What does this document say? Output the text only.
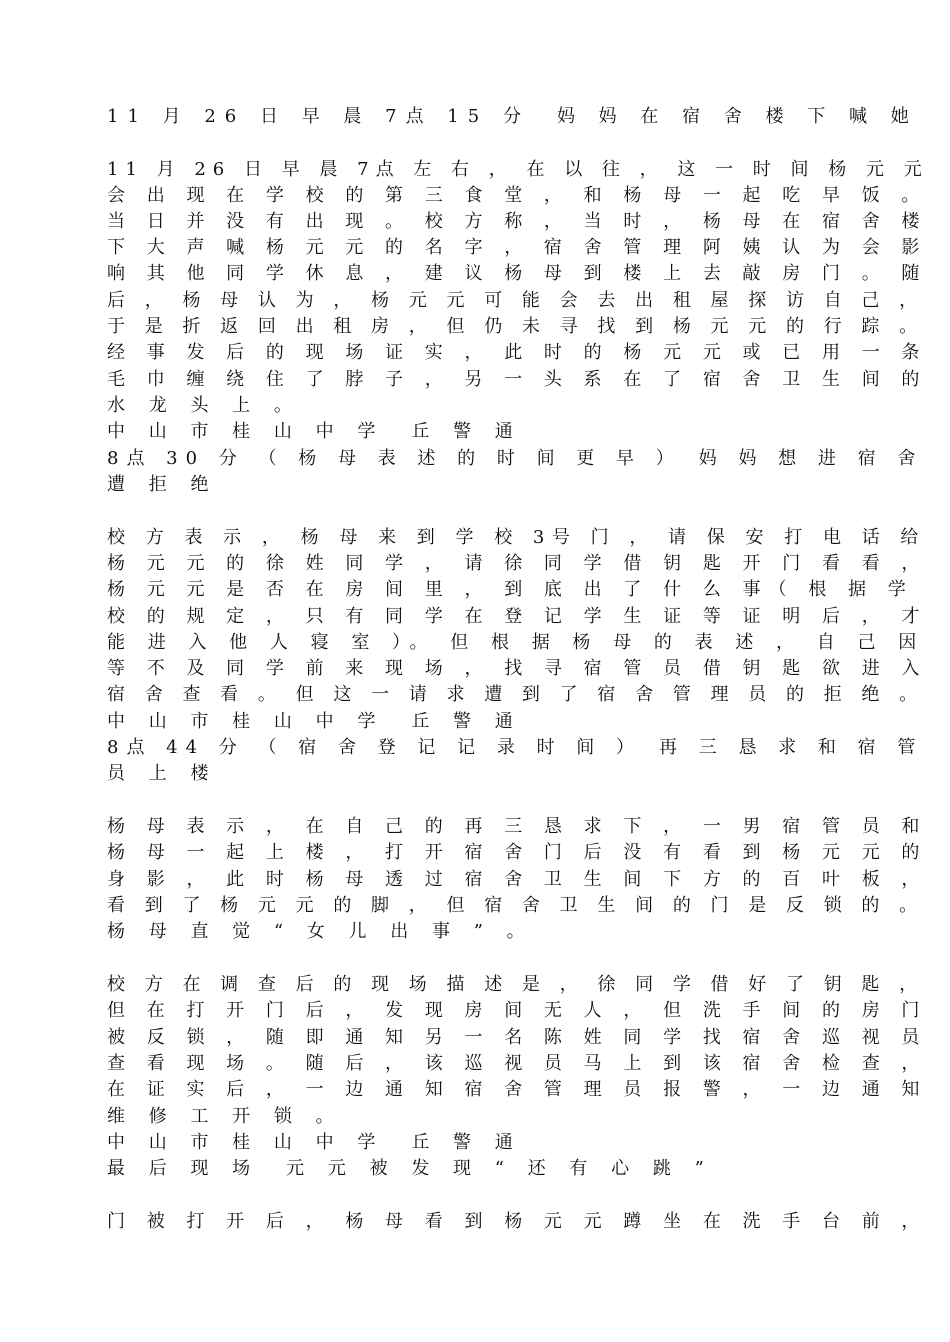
11 月 26 日 早 晨 7点 15 分　妈 妈 在 宿 舍 楼 下 喊 她

11 月 26 日 早 晨 7点 左 右 ， 在 以 往 ， 这 一 时 间 杨 元 元

会 出 现 在 学 校 的 第 三 食 堂 ， 和 杨 母 一 起 吃 早 饭 。

当 日 并 没 有 出 现 。 校 方 称 ， 当 时 ， 杨 母 在 宿 舍 楼

下 大 声 喊 杨 元 元 的 名 字 ， 宿 舍 管 理 阿 姨 认 为 会 影

响 其 他 同 学 休 息 ， 建 议 杨 母 到 楼 上 去 敲 房 门 。 随

后 ， 杨 母 认 为 ， 杨 元 元 可 能 会 去 出 租 屋 探 访 自 己 ，

于 是 折 返 回 出 租 房 ， 但 仍 未 寻 找 到 杨 元 元 的 行 踪 。

经 事 发 后 的 现 场 证 实 ， 此 时 的 杨 元 元 或 已 用 一 条

毛 巾 缠 绕 住 了 脖 子 ， 另 一 头 系 在 了 宿 舍 卫 生 间 的

水 龙 头 上 。

中 山 市 桂 山 中 学　丘 警 通

8点 30 分 （ 杨 母 表 述 的 时 间 更 早 ）　妈 妈 想 进 宿 舍

遭 拒 绝

校 方 表 示 ， 杨 母 来 到 学 校 3号 门 ， 请 保 安 打 电 话 给

杨 元 元 的 徐 姓 同 学 ， 请 徐 同 学 借 钥 匙 开 门 看 看 ，

杨 元 元 是 否 在 房 间 里 ， 到 底 出 了 什 么 事（ 根 据 学

校 的 规 定 ， 只 有 同 学 在 登 记 学 生 证 等 证 明 后 ， 才

能 进 入 他 人 寝 室 ）。 但 根 据 杨 母 的 表 述 ， 自 己 因

等 不 及 同 学 前 来 现 场 ， 找 寻 宿 管 员 借 钥 匙 欲 进 入

宿 舍 查 看 。 但 这 一 请 求 遭 到 了 宿 舍 管 理 员 的 拒 绝 。

中 山 市 桂 山 中 学　丘 警 通

8点 44 分 （ 宿 舍 登 记 记 录 时 间 ）　再 三 恳 求 和 宿 管

员 上 楼

杨 母 表 示 ， 在 自 己 的 再 三 恳 求 下 ， 一 男 宿 管 员 和

杨 母 一 起 上 楼 ， 打 开 宿 舍 门 后 没 有 看 到 杨 元 元 的

身 影 ， 此 时 杨 母 透 过 宿 舍 卫 生 间 下 方 的 百 叶 板 ，

看 到 了 杨 元 元 的 脚 ， 但 宿 舍 卫 生 间 的 门 是 反 锁 的 。

杨 母 直 觉 “ 女 儿 出 事 ” 。

校 方 在 调 查 后 的 现 场 描 述 是 ， 徐 同 学 借 好 了 钥 匙 ，

但 在 打 开 门 后 ， 发 现 房 间 无 人 ， 但 洗 手 间 的 房 门

被 反 锁 ， 随 即 通 知 另 一 名 陈 姓 同 学 找 宿 舍 巡 视 员

查 看 现 场 。 随 后 ， 该 巡 视 员 马 上 到 该 宿 舍 检 查 ，

在 证 实 后 ， 一 边 通 知 宿 舍 管 理 员 报 警 ， 一 边 通 知

维 修 工 开 锁 。

中 山 市 桂 山 中 学　丘 警 通

最 后 现 场　元 元 被 发 现 “ 还 有 心 跳 ”

门 被 打 开 后 ， 杨 母 看 到 杨 元 元 蹲 坐 在 洗 手 台 前 ，
